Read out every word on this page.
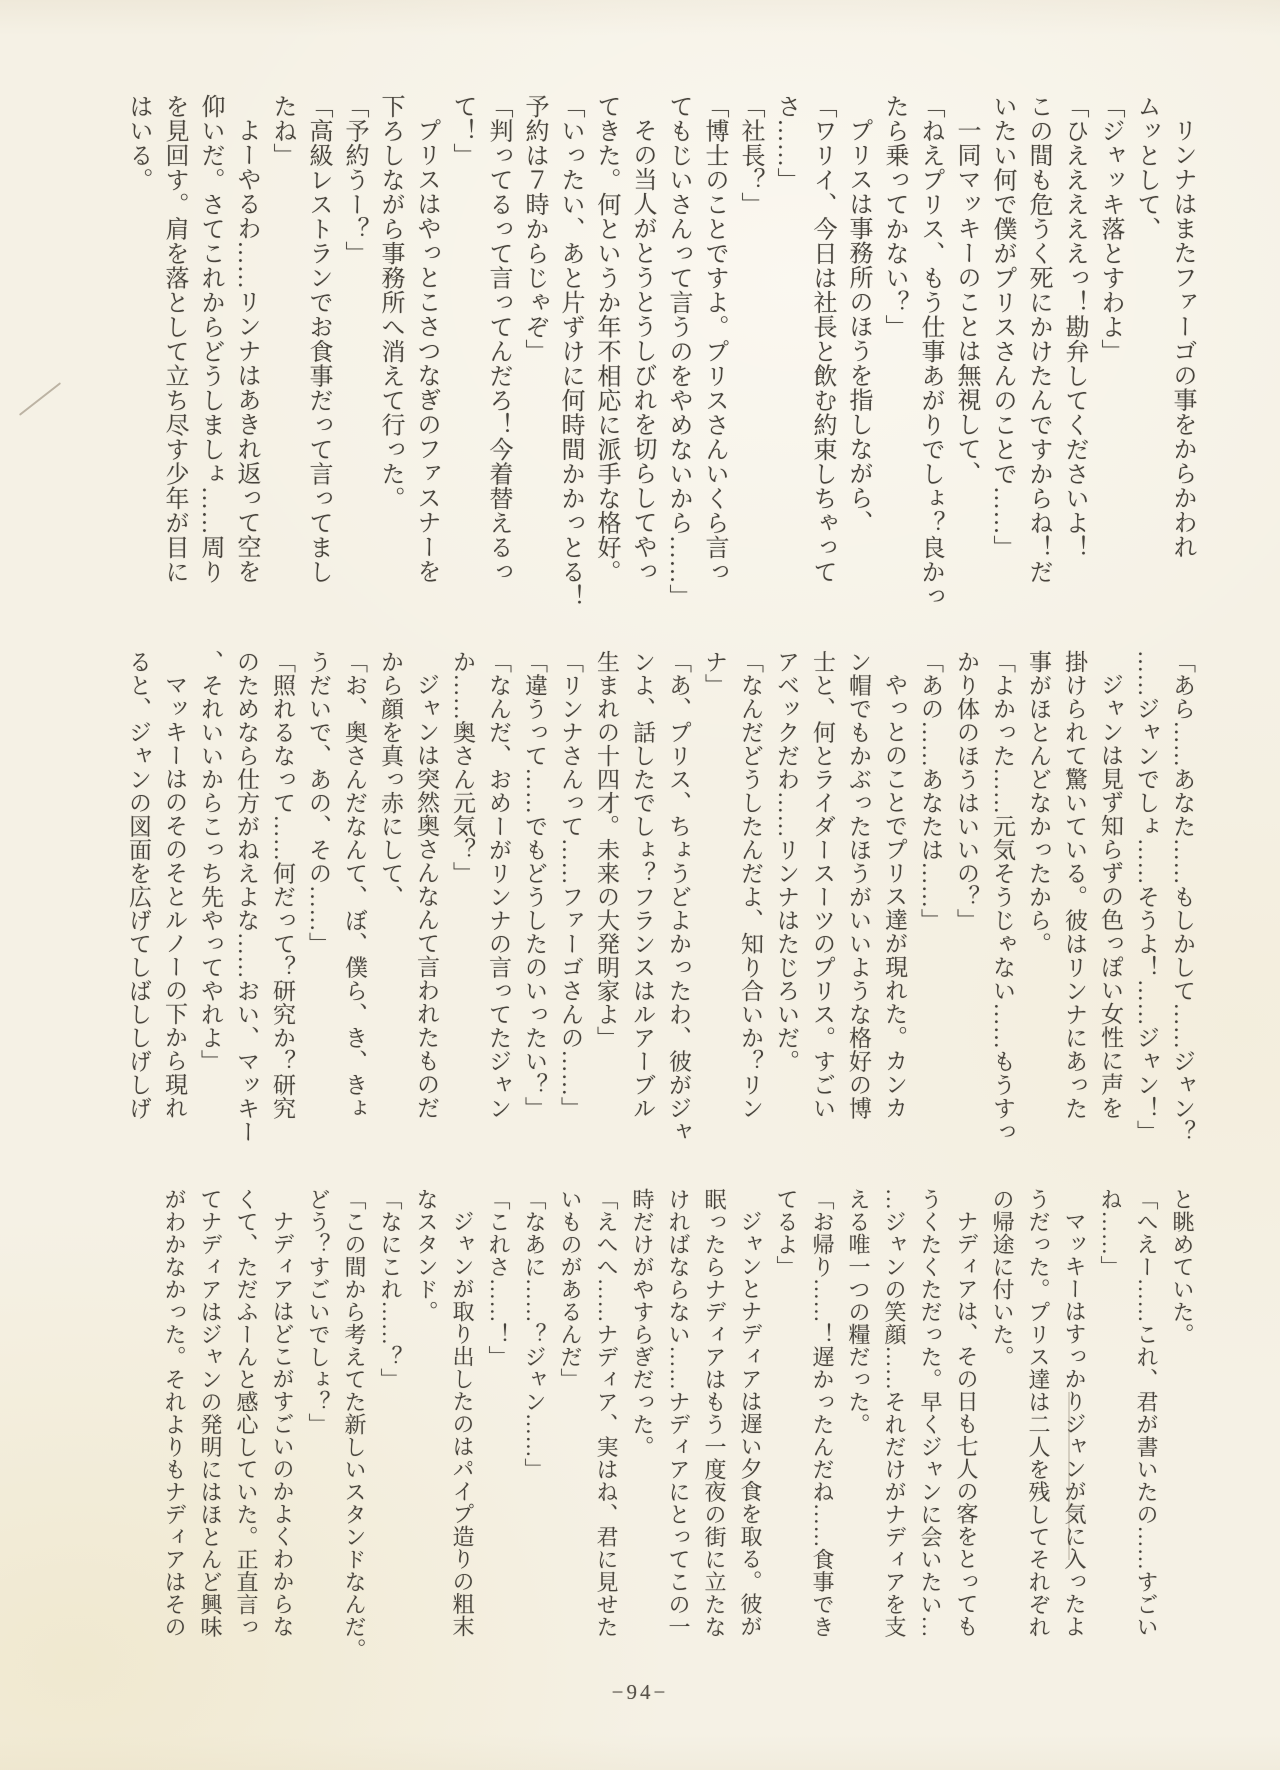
リンナはまたファーゴの事をからかわれ

ムッとして、

「ジャッキ落とすわよ」

「ひえええええっ！勘弁してくださいよ！

この間も危うく死にかけたんですからね！だ

いたい何で僕がプリスさんのことで……」

一同マッキーのことは無視して、

「ねえプリス、もう仕事あがりでしょ？良かっ

たら乗ってかない？」

プリスは事務所のほうを指しながら、

「ワリイ、今日は社長と飲む約束しちゃって

さ……」

「社長？」

「博士のことですよ。プリスさんいくら言っ

てもじいさんって言うのをやめないから……」

その当人がとうとうしびれを切らしてやっ

てきた。何というか年不相応に派手な格好。

「いったい、あと片ずけに何時間かかっとる！

予約は７時からじゃぞ」

「判ってるって言ってんだろ！今着替えるっ

て！」

プリスはやっとこさつなぎのファスナーを

下ろしながら事務所へ消えて行った。

「予約うー？」

「高級レストランでお食事だって言ってまし

たね」

よーやるわ……リンナはあきれ返って空を

仰いだ。さてこれからどうしましょ……周り

を見回す。肩を落として立ち尽す少年が目に

はいる。

「あら……あなた……もしかして……ジャン？

……ジャンでしょ……そうよ！……ジャン！」

ジャンは見ず知らずの色っぽい女性に声を

掛けられて驚いている。彼はリンナにあった

事がほとんどなかったから。

「よかった……元気そうじゃない……もうすっ

かり体のほうはいいの？」

「あの……あなたは……」

やっとのことでプリス達が現れた。カンカ

ン帽でもかぶったほうがいいような格好の博

士と、何とライダースーツのプリス。すごい

アベックだわ……リンナはたじろいだ。

「なんだどうしたんだよ、知り合いか？リン

ナ」

「あ、プリス、ちょうどよかったわ、彼がジャ

ンよ、話したでしょ？フランスはルアーブル

生まれの十四才。未来の大発明家よ」

「リンナさんって……ファーゴさんの……」

「違うって……でもどうしたのいったい？」

「なんだ、おめーがリンナの言ってたジャン

か……奥さん元気？」

ジャンは突然奥さんなんて言われたものだ

から顔を真っ赤にして、

「お、奥さんだなんて、ぼ、僕ら、き、きょ

うだいで、あの、その……」

「照れるなって……何だって？研究か？研究

のためなら仕方がねえよな……おい、マッキー

、それいいからこっち先やってやれよ」

マッキーはのそのそとルノーの下から現れ

ると、ジャンの図面を広げてしばししげしげ

と眺めていた。

「へえー……これ、君が書いたの……すごい

ね……」

マッキーはすっかりジャンが気に入ったよ

うだった。プリス達は二人を残してそれぞれ

の帰途に付いた。

ナディアは、その日も七人の客をとっても

うくたくただった。早くジャンに会いたい…

…ジャンの笑顔……それだけがナディアを支

える唯一つの糧だった。

「お帰り……！遅かったんだね……食事でき

てるよ」

ジャンとナディアは遅い夕食を取る。彼が

眠ったらナディアはもう一度夜の街に立たな

ければならない……ナディアにとってこの一

時だけがやすらぎだった。

「えへへ……ナディア、実はね、君に見せた

いものがあるんだ」

「なあに……？ジャン……」

「これさ……！」

ジャンが取り出したのはパイプ造りの粗末

なスタンド。

「なにこれ……？」

「この間から考えてた新しいスタンドなんだ。

どう？すごいでしょ？」

ナディアはどこがすごいのかよくわからな

くて、ただふーんと感心していた。正直言っ

てナディアはジャンの発明にはほとんど興味

がわかなかった。それよりもナディアはその

−94−
